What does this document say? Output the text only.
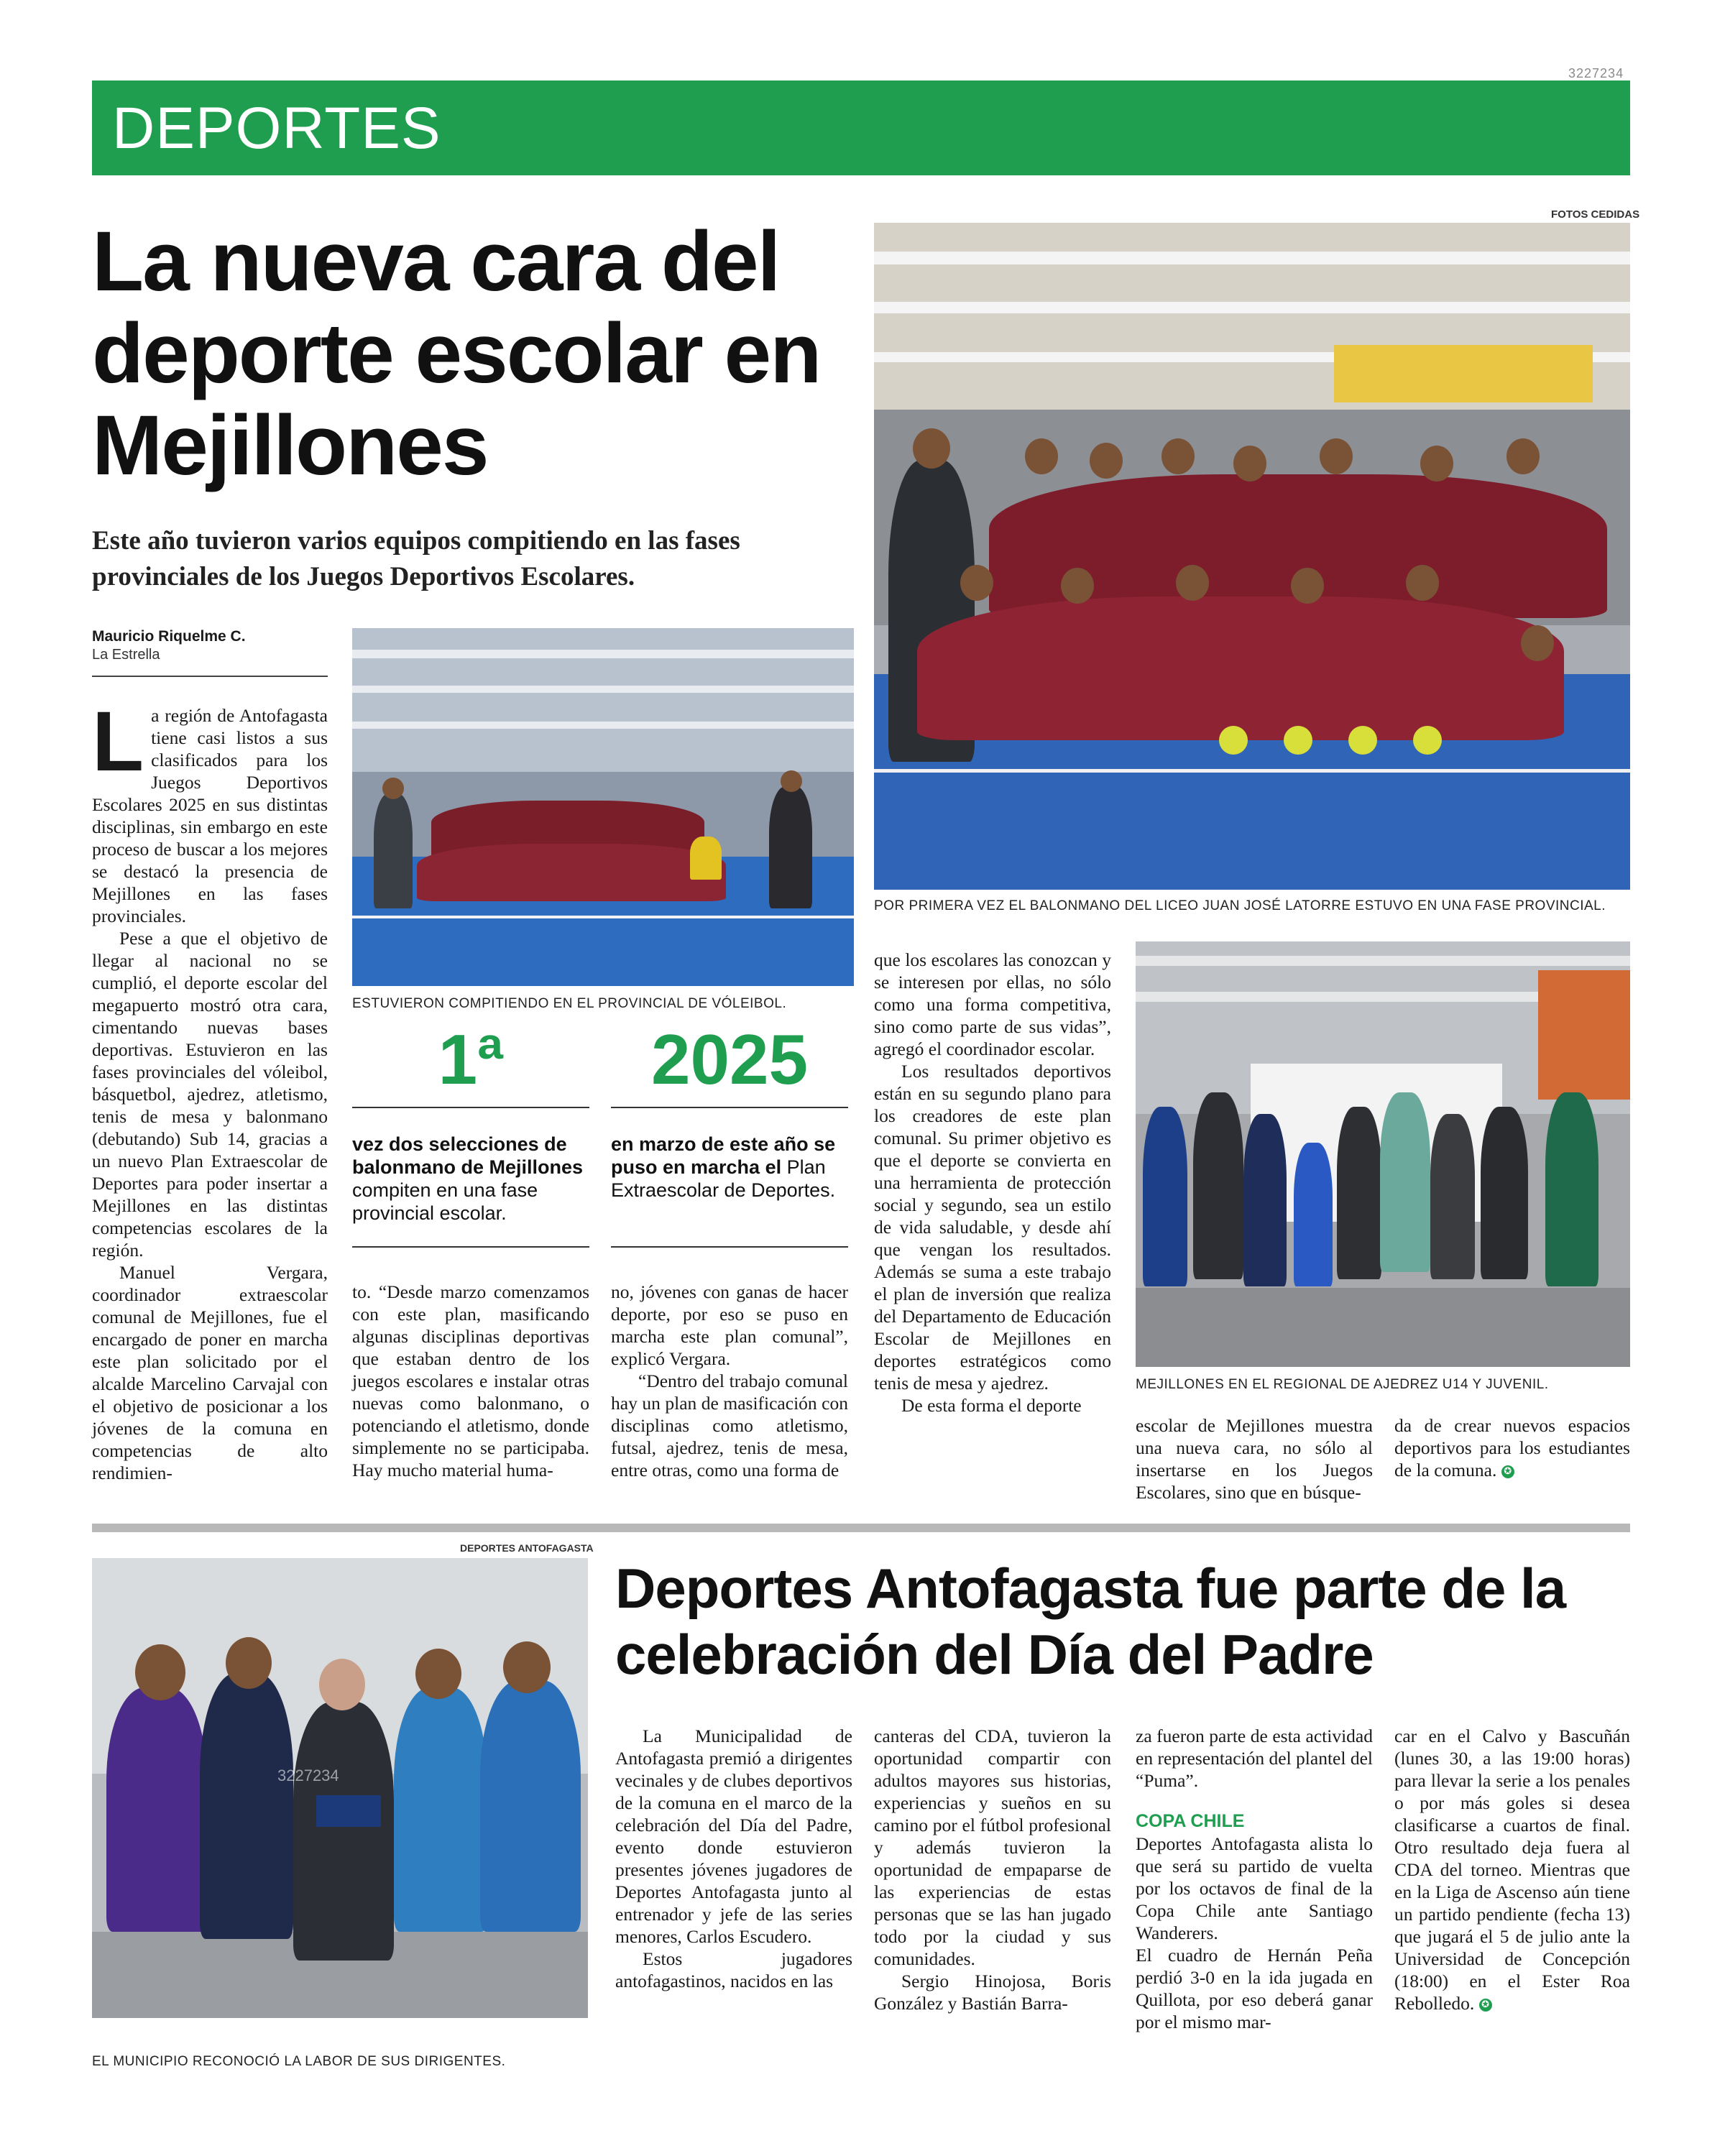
3227234
DEPORTES
La nueva cara del deporte escolar en Mejillones
Este año tuvieron varios equipos compitiendo en las fases provinciales de los Juegos Deportivos Escolares.
Mauricio Riquelme C.
La Estrella
FOTOS CEDIDAS
ESTUVIERON COMPITIENDO EN EL PROVINCIAL DE VÓLEIBOL.
POR PRIMERA VEZ EL BALONMANO DEL LICEO JUAN JOSÉ LATORRE ESTUVO EN UNA FASE PROVINCIAL.
MEJILLONES EN EL REGIONAL DE AJEDREZ U14 Y JUVENIL.
1ª
vez dos selecciones de balonmano de Mejillones compiten en una fase provincial escolar.
2025
en marzo de este año se puso en marcha el Plan Extraescolar de Deportes.

La región de Antofagasta tiene casi listos a sus clasificados para los Juegos Deportivos Escolares 2025 en sus distintas disciplinas, sin embargo en este proceso de buscar a los mejores se destacó la presencia de Mejillones en las fases provinciales.

Pese a que el objetivo de llegar al nacional no se cumplió, el deporte escolar del megapuerto mostró otra cara, cimentando nuevas bases deportivas. Estuvieron en las fases provinciales del vóleibol, básquetbol, ajedrez, atletismo, tenis de mesa y balonmano (debutando) Sub 14, gracias a un nuevo Plan Extraescolar de Deportes para poder insertar a Mejillones en las distintas competencias escolares de la región.

Manuel Vergara, coordinador extraescolar comunal de Mejillones, fue el encargado de poner en marcha este plan solicitado por el alcalde Marcelino Carvajal con el objetivo de posicionar a los jóvenes de la comuna en competencias de alto rendimien-

to. “Desde marzo comenzamos con este plan, masificando algunas disciplinas deportivas que estaban dentro de los juegos escolares e instalar otras nuevas como balonmano, o potenciando el atletismo, donde simplemente no se participaba. Hay mucho material huma-

no, jóvenes con ganas de hacer deporte, por eso se puso en marcha este plan comunal”, explicó Vergara.

“Dentro del trabajo comunal hay un plan de masificación con disciplinas como atletismo, futsal, ajedrez, tenis de mesa, entre otras, como una forma de

que los escolares las conozcan y se interesen por ellas, no sólo como una forma competitiva, sino como parte de sus vidas”, agregó el coordinador escolar.

Los resultados deportivos están en su segundo plano para los creadores de este plan comunal. Su primer objetivo es que el deporte se convierta en una herramienta de protección social y segundo, sea un estilo de vida saludable, y desde ahí que vengan los resultados. Además se suma a este trabajo el plan de inversión que realiza del Departamento de Educación Escolar de Mejillones en deportes estratégicos como tenis de mesa y ajedrez.

De esta forma el deporte

escolar de Mejillones muestra una nueva cara, no sólo al insertarse en los Juegos Escolares, sino que en búsque-

da de crear nuevos espacios deportivos para los estudiantes de la comuna. ✪

DEPORTES ANTOFAGASTA
3227234
EL MUNICIPIO RECONOCIÓ LA LABOR DE SUS DIRIGENTES.
Deportes Antofagasta fue parte de la celebración del Día del Padre

La Municipalidad de Antofagasta premió a dirigentes vecinales y de clubes deportivos de la comuna en el marco de la celebración del Día del Padre, evento donde estuvieron presentes jóvenes jugadores de Deportes Antofagasta junto al entrenador y jefe de las series menores, Carlos Escudero.

Estos jugadores antofagastinos, nacidos en las

canteras del CDA, tuvieron la oportunidad compartir con adultos mayores sus historias, experiencias y sueños en su camino por el fútbol profesional y además tuvieron la oportunidad de empaparse de las experiencias de estas personas que se las han jugado todo por la ciudad y sus comunidades.

Sergio Hinojosa, Boris González y Bastián Barra-

za fueron parte de esta actividad en representación del plantel del “Puma”.

COPA CHILE

Deportes Antofagasta alista lo que será su partido de vuelta por los octavos de final de la Copa Chile ante Santiago Wanderers.

El cuadro de Hernán Peña perdió 3-0 en la ida jugada en Quillota, por eso deberá ganar por el mismo mar-

car en el Calvo y Bascuñán (lunes 30, a las 19:00 horas) para llevar la serie a los penales o por más goles si desea clasificarse a cuartos de final. Otro resultado deja fuera al CDA del torneo. Mientras que en la Liga de Ascenso aún tiene un partido pendiente (fecha 13) que jugará el 5 de julio ante la Universidad de Concepción (18:00) en el Ester Roa Rebolledo. ✪
